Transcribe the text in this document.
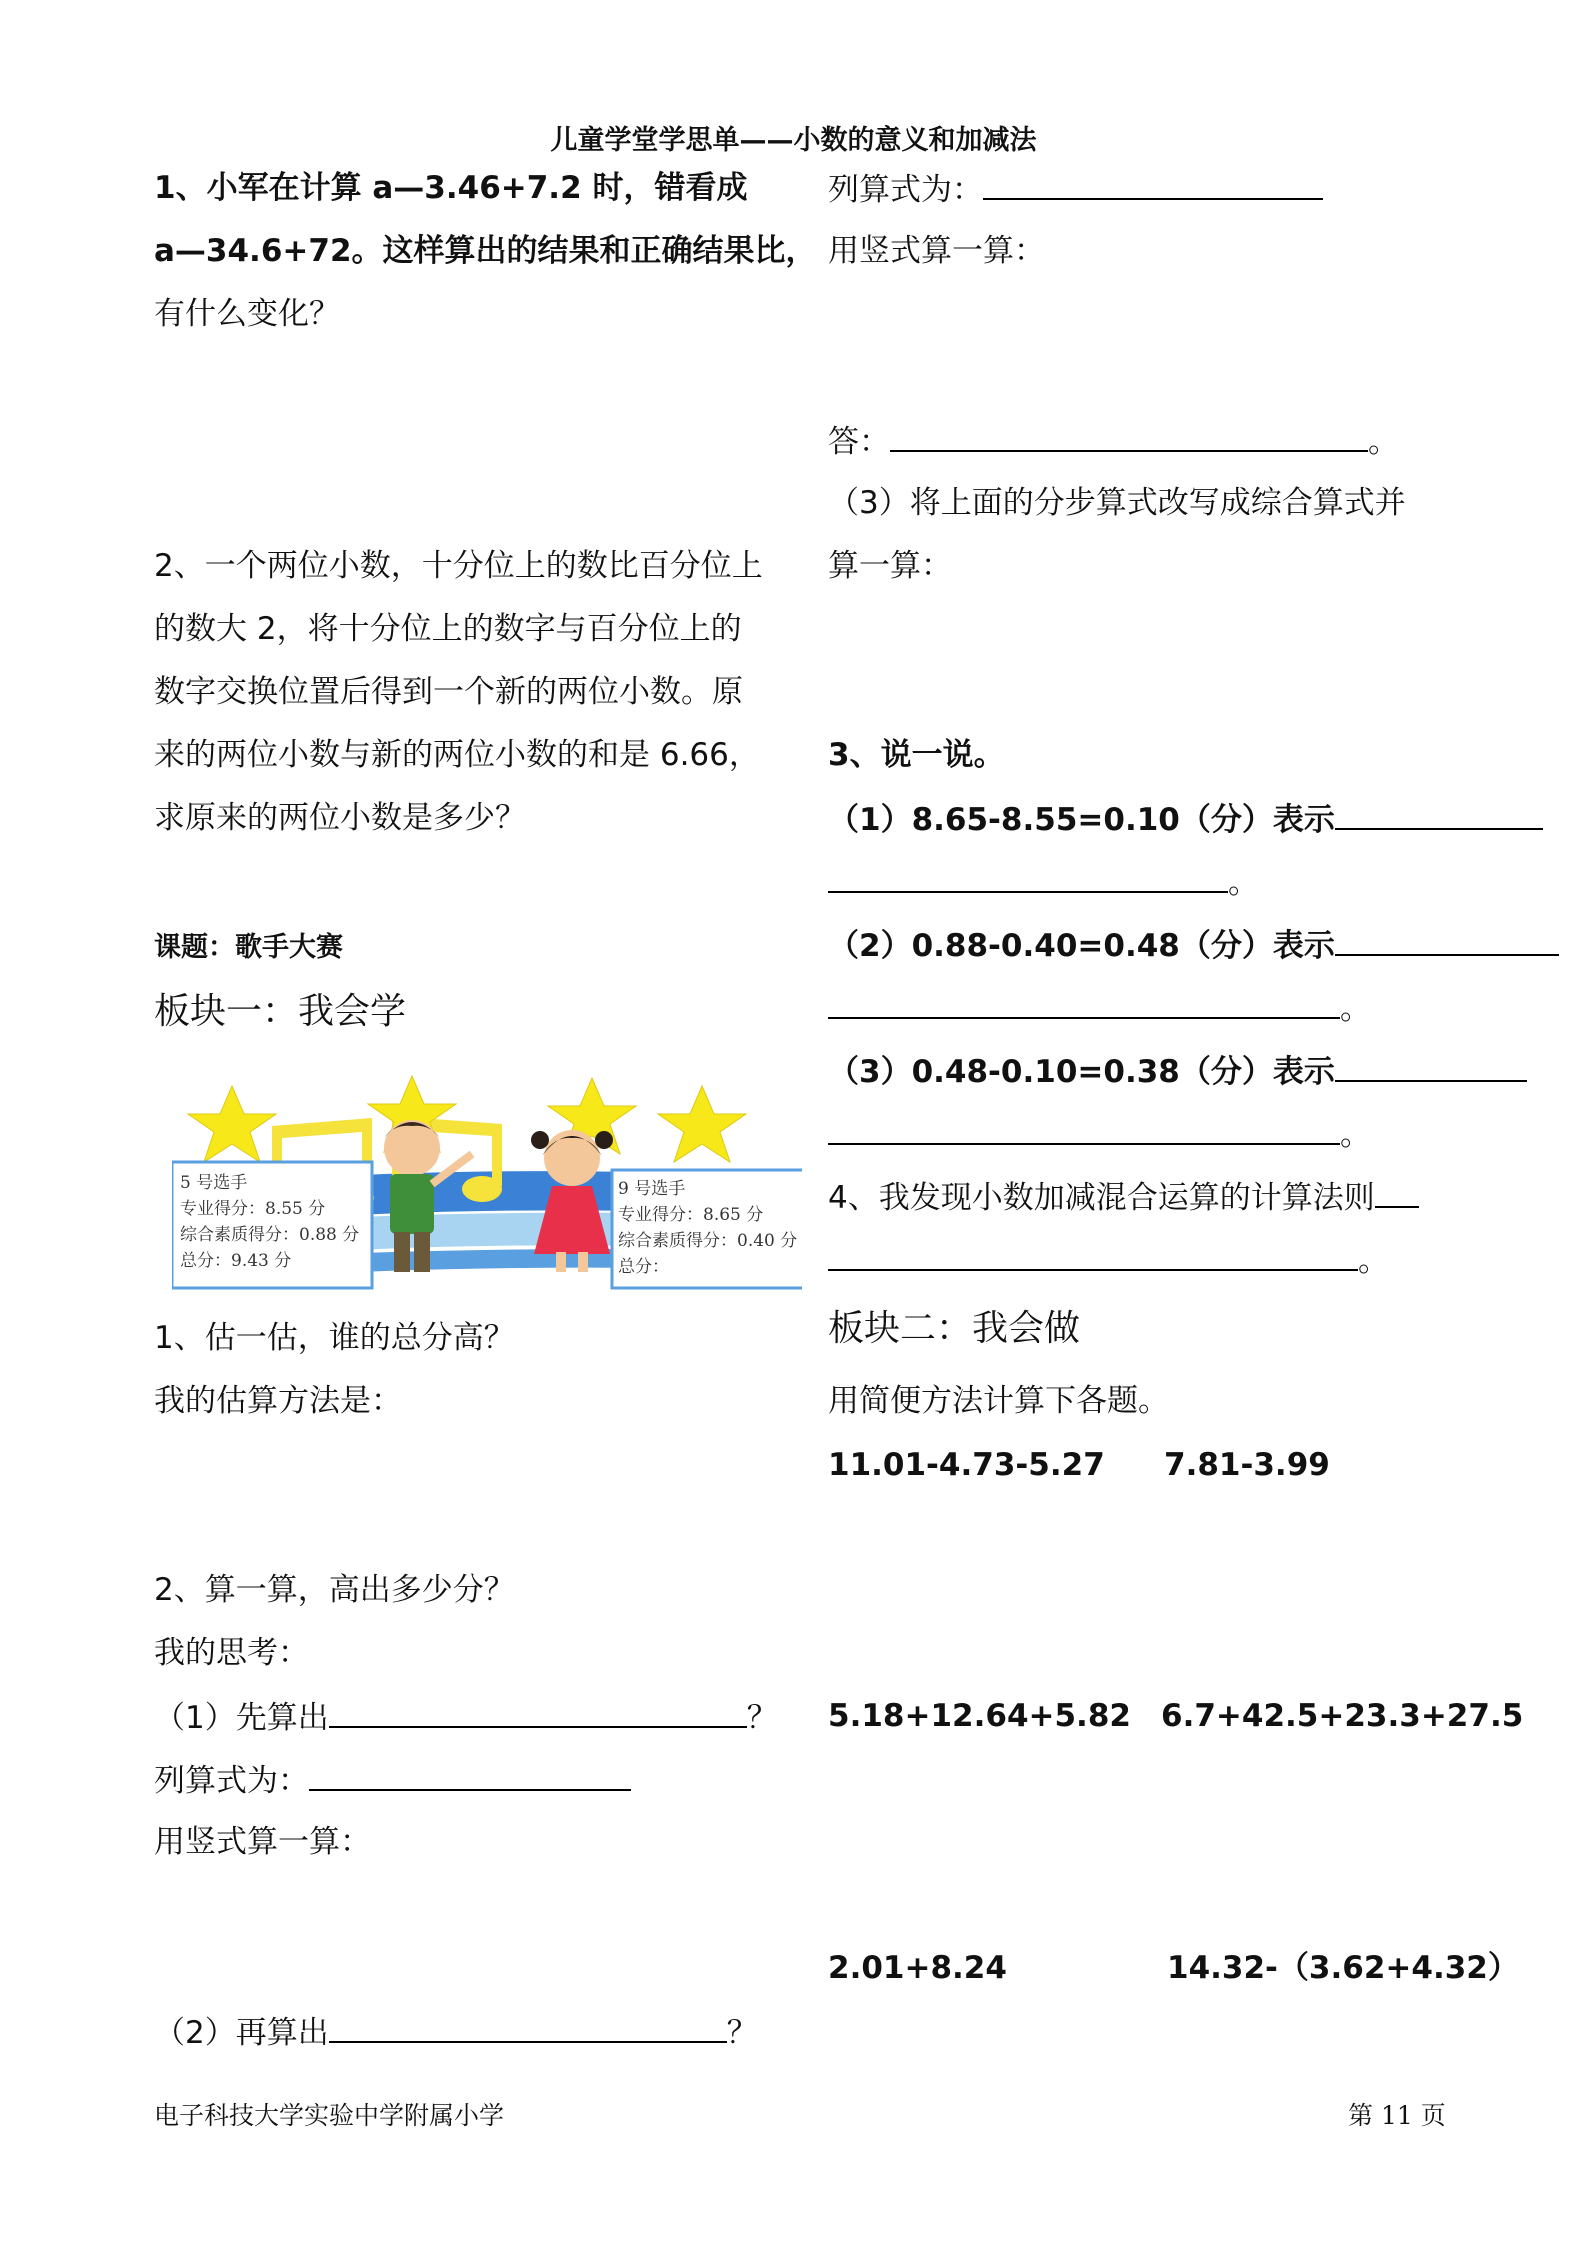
儿童学堂学思单——小数的意义和加减法
1、小军在计算 a—3.46+7.2 时，错看成
a—34.6+72。这样算出的结果和正确结果比，
有什么变化？
2、一个两位小数，十分位上的数比百分位上
的数大 2，将十分位上的数字与百分位上的
数字交换位置后得到一个新的两位小数。原
来的两位小数与新的两位小数的和是 6.66，
求原来的两位小数是多少？
课题：歌手大赛
板块一：我会学
5 号选手
专业得分：8.55 分
综合素质得分：0.88 分
总分：9.43 分
9 号选手
专业得分：8.65 分
综合素质得分：0.40 分
总分：
1、估一估，谁的总分高？
我的估算方法是：
2、算一算，高出多少分？
我的思考：
（1）先算出	？
列算式为：
用竖式算一算：
（2）再算出	？
列算式为：
用竖式算一算：
答：	。
（3）将上面的分步算式改写成综合算式并
算一算：
3、说一说。
（1）8.65-8.55=0.10（分）表示
。
（2）0.88-0.40=0.48（分）表示
。
（3）0.48-0.10=0.38（分）表示
。
4、我发现小数加减混合运算的计算法则
。
板块二：我会做
用简便方法计算下各题。
11.01-4.73-5.27 7.81-3.99
5.18+12.64+5.82 6.7+42.5+23.3+27.5
2.01+8.24	14.32-（3.62+4.32）
电子科技大学实验中学附属小学	第 11 页
